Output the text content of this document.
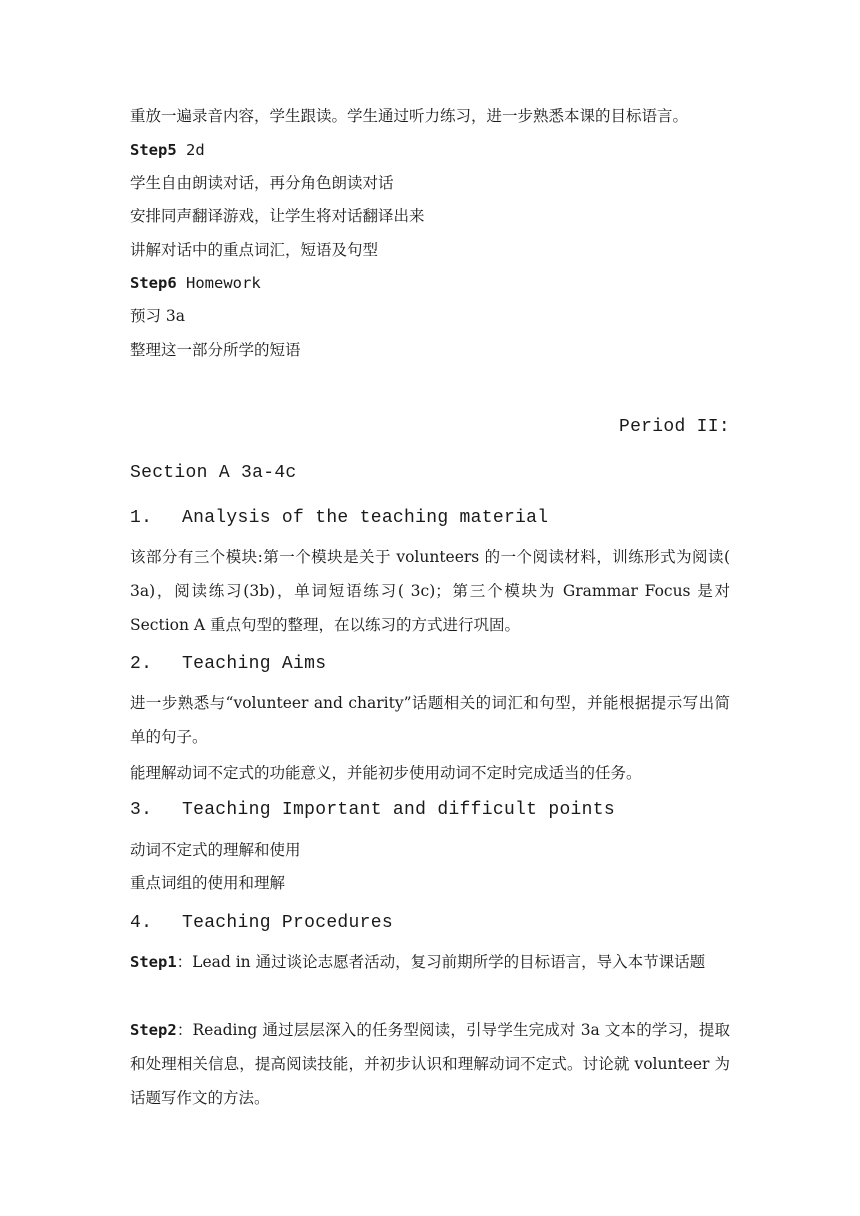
重放一遍录音内容，学生跟读。学生通过听力练习，进一步熟悉本课的目标语言。
Step5 2d
学生自由朗读对话，再分角色朗读对话
安排同声翻译游戏，让学生将对话翻译出来
讲解对话中的重点词汇，短语及句型
Step6 Homework
预习 3a
整理这一部分所学的短语
Period II:
Section A 3a-4c
1. Analysis of the teaching material
该部分有三个模块:第一个模块是关于 volunteers 的一个阅读材料，训练形式为阅读( 3a)，阅读练习(3b)，单词短语练习( 3c)；第三个模块为 Grammar Focus 是对 Section A 重点句型的整理，在以练习的方式进行巩固。
2. Teaching Aims
进一步熟悉与“volunteer and charity”话题相关的词汇和句型，并能根据提示写出简单的句子。
能理解动词不定式的功能意义，并能初步使用动词不定时完成适当的任务。
3. Teaching Important and difficult points
动词不定式的理解和使用
重点词组的使用和理解
4. Teaching Procedures
Step1：Lead in 通过谈论志愿者活动，复习前期所学的目标语言，导入本节课话题
Step2：Reading 通过层层深入的任务型阅读，引导学生完成对 3a 文本的学习，提取和处理相关信息，提高阅读技能，并初步认识和理解动词不定式。讨论就 volunteer 为话题写作文的方法。
